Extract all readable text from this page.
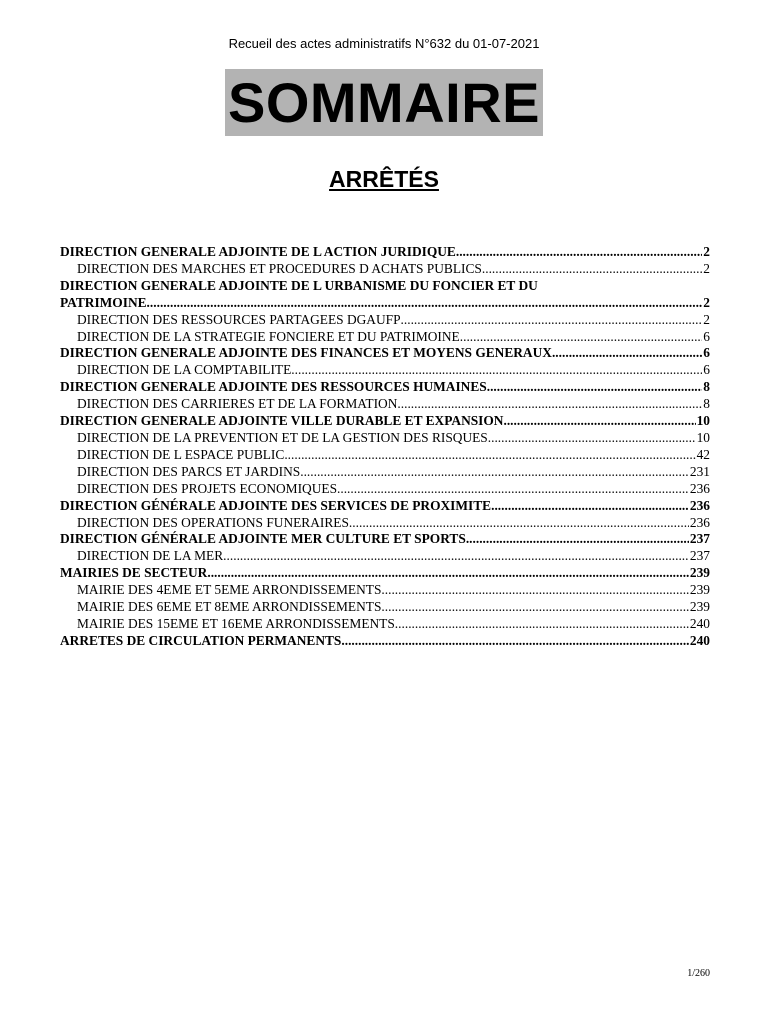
Recueil des actes administratifs N°632 du 01-07-2021
SOMMAIRE
ARRÊTÉS
DIRECTION GENERALE ADJOINTE DE L ACTION JURIDIQUE	2
.....
DIRECTION DES MARCHES ET PROCEDURES D ACHATS PUBLICS	2
.....
DIRECTION GENERALE ADJOINTE DE L URBANISME DU FONCIER ET DU
PATRIMOINE	2
.....
DIRECTION DES RESSOURCES PARTAGEES DGAUFP	2
.....
DIRECTION DE LA STRATEGIE FONCIERE ET DU PATRIMOINE	6
.....
DIRECTION GENERALE ADJOINTE DES FINANCES ET MOYENS GENERAUX	6
.....
DIRECTION DE LA COMPTABILITE	6
.....
DIRECTION GENERALE ADJOINTE DES RESSOURCES HUMAINES	8
.....
DIRECTION DES CARRIERES ET DE LA FORMATION	8
.....
DIRECTION GENERALE ADJOINTE VILLE DURABLE ET EXPANSION	10
.....
DIRECTION DE LA PREVENTION ET DE LA GESTION DES RISQUES	10
.....
DIRECTION DE L ESPACE PUBLIC	42
.....
DIRECTION DES PARCS ET JARDINS	231
.....
DIRECTION DES PROJETS ECONOMIQUES	236
.....
DIRECTION GÉNÉRALE ADJOINTE DES SERVICES DE PROXIMITE	236
.....
DIRECTION DES OPERATIONS FUNERAIRES	236
.....
DIRECTION GÉNÉRALE ADJOINTE MER CULTURE ET SPORTS	237
.....
DIRECTION DE LA MER	237
.....
MAIRIES DE SECTEUR	239
.....
MAIRIE DES 4EME ET 5EME ARRONDISSEMENTS	239
.....
MAIRIE DES 6EME ET 8EME ARRONDISSEMENTS	239
.....
MAIRIE DES 15EME ET 16EME ARRONDISSEMENTS	240
.....
ARRETES DE CIRCULATION PERMANENTS	240
.....
1/260
